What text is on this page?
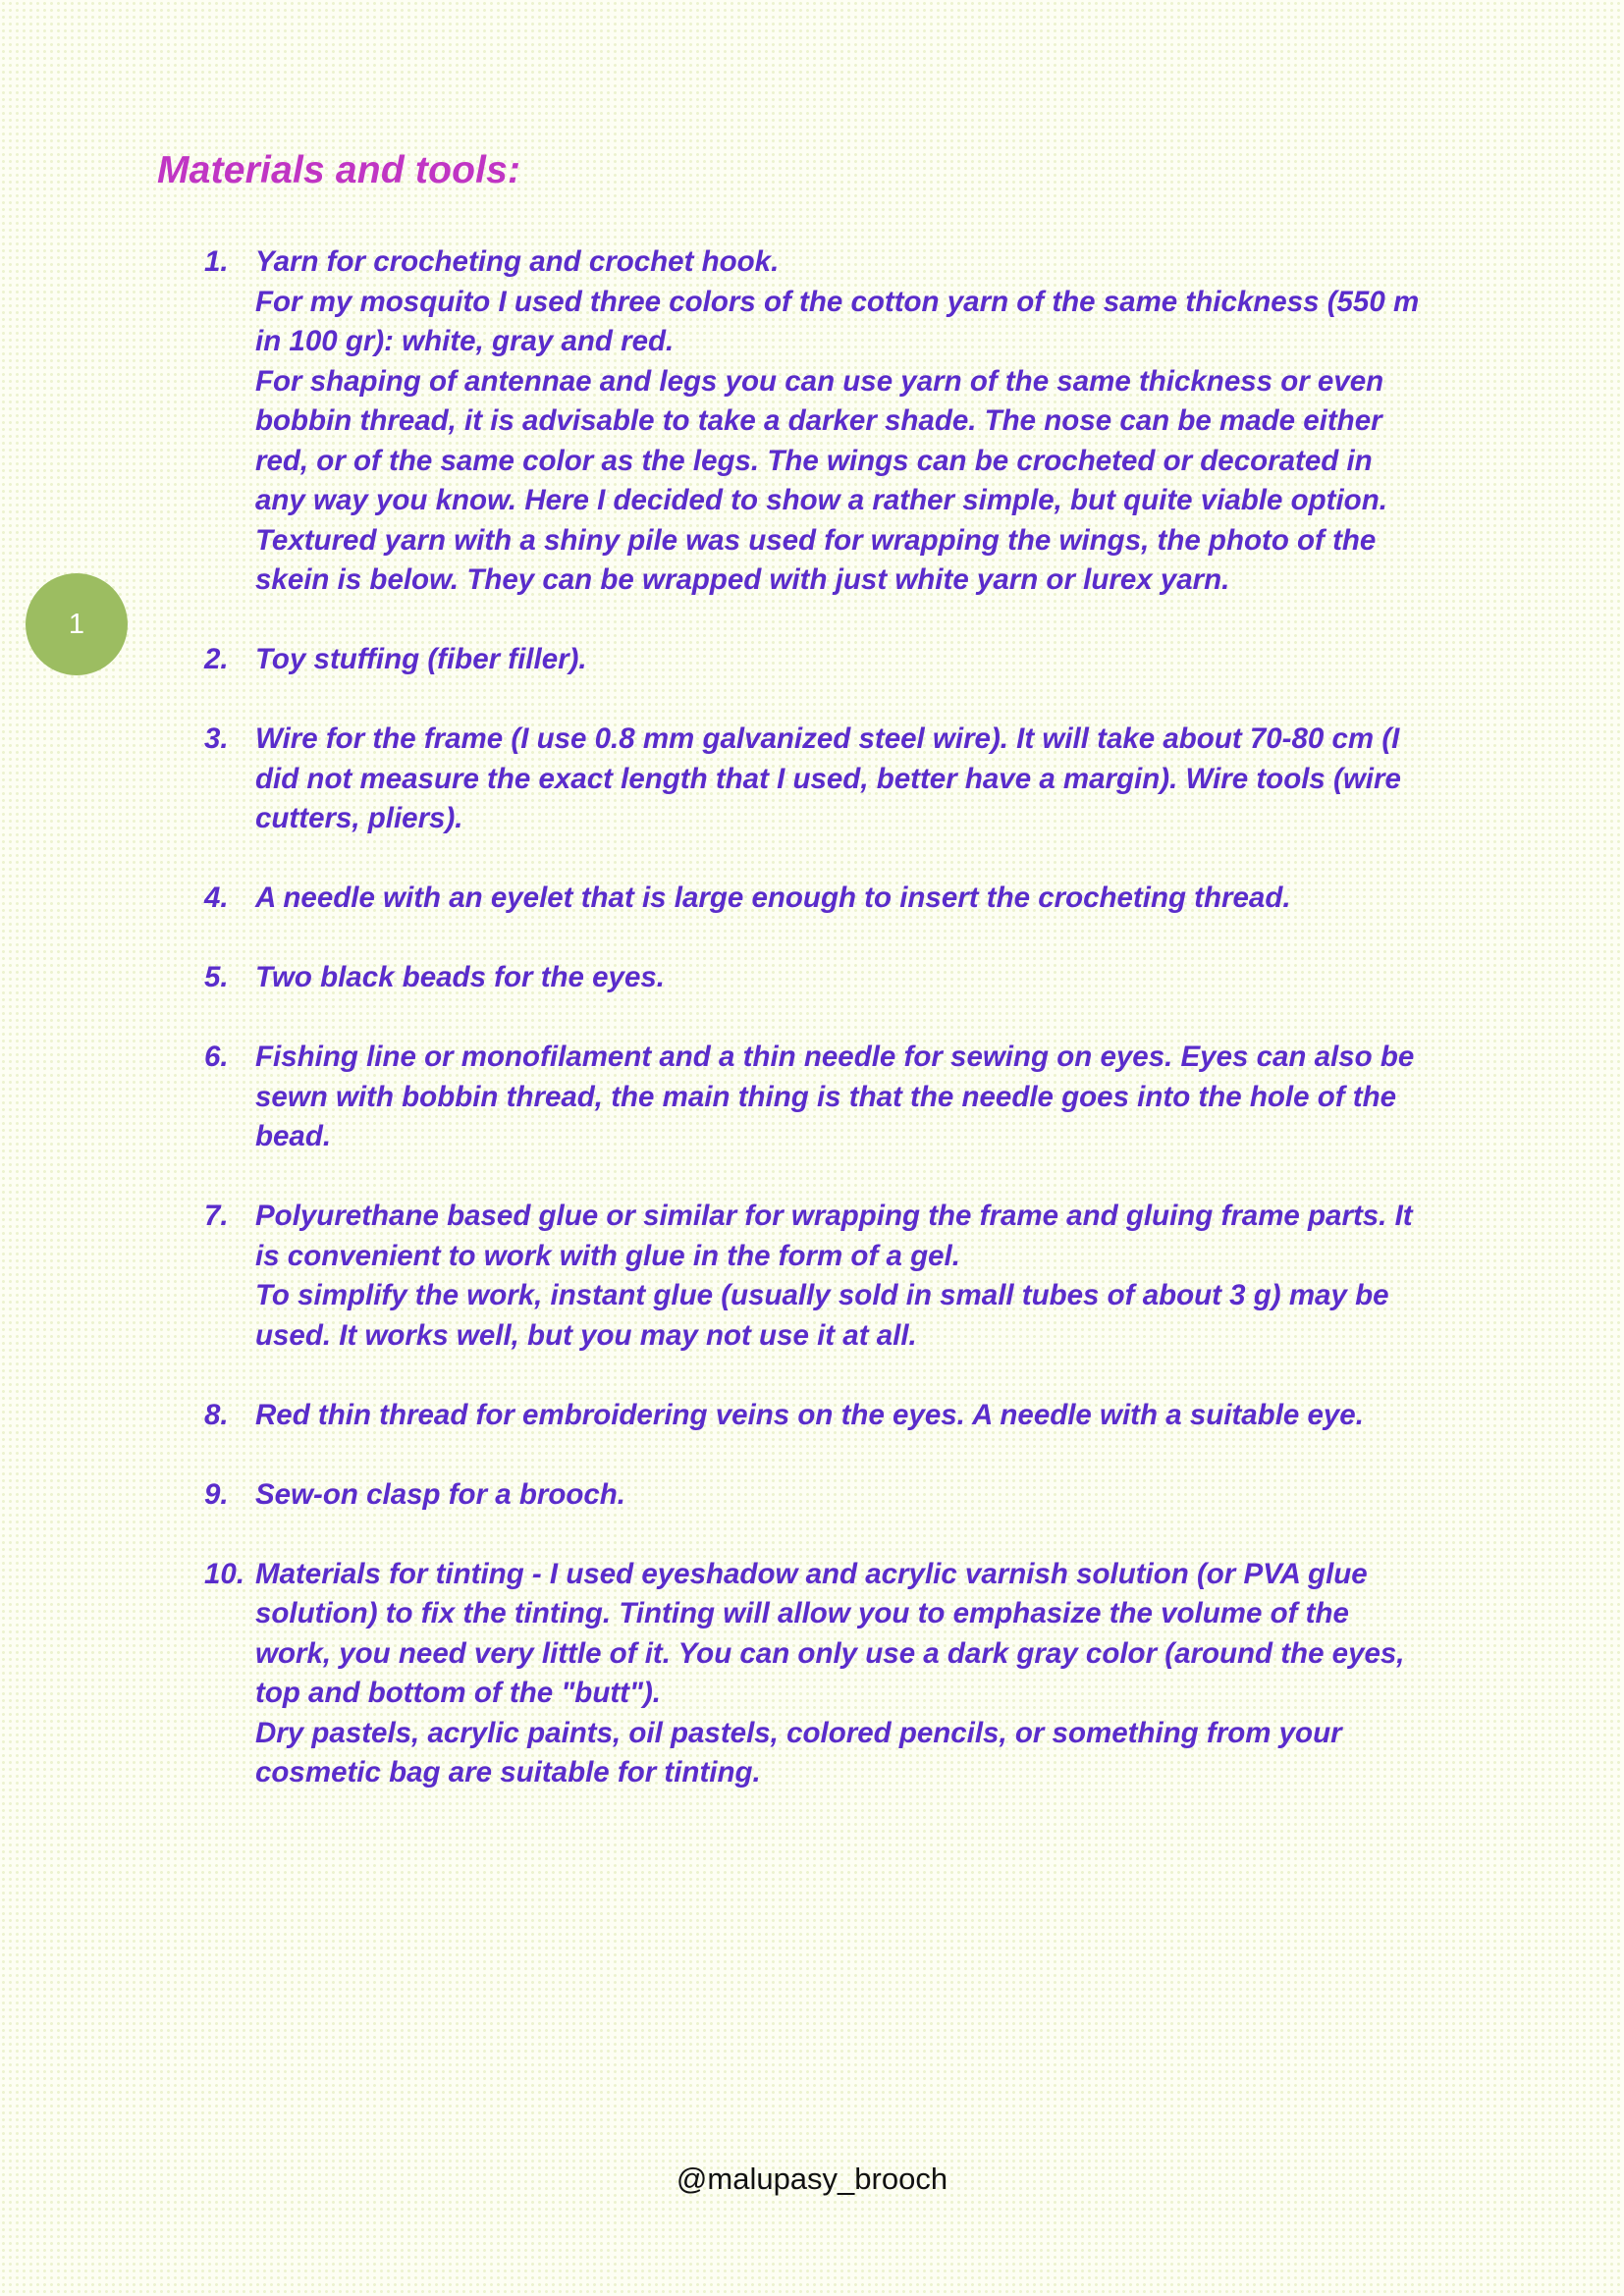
Materials and tools:
1
1. Yarn for crocheting and crochet hook.
For my mosquito I used three colors of the cotton yarn of the same thickness (550 m
in 100 gr): white, gray and red.
For shaping of antennae and legs you can use yarn of the same thickness or even
bobbin thread, it is advisable to take a darker shade. The nose can be made either
red, or of the same color as the legs. The wings can be crocheted or decorated in
any way you know. Here I decided to show a rather simple, but quite viable option.
Textured yarn with a shiny pile was used for wrapping the wings, the photo of the
skein is below. They can be wrapped with just white yarn or lurex yarn.
2. Toy stuffing (fiber filler).
3. Wire for the frame (I use 0.8 mm galvanized steel wire). It will take about 70-80 cm (I
did not measure the exact length that I used, better have a margin). Wire tools (wire
cutters, pliers).
4. A needle with an eyelet that is large enough to insert the crocheting thread.
5. Two black beads for the eyes.
6. Fishing line or monofilament and a thin needle for sewing on eyes. Eyes can also be
sewn with bobbin thread, the main thing is that the needle goes into the hole of the
bead.
7. Polyurethane based glue or similar for wrapping the frame and gluing frame parts. It
is convenient to work with glue in the form of a gel.
To simplify the work, instant glue (usually sold in small tubes of about 3 g) may be
used. It works well, but you may not use it at all.
8. Red thin thread for embroidering veins on the eyes. A needle with a suitable eye.
9. Sew-on clasp for a brooch.
10. Materials for tinting - I used eyeshadow and acrylic varnish solution (or PVA glue
solution) to fix the tinting. Tinting will allow you to emphasize the volume of the
work, you need very little of it. You can only use a dark gray color (around the eyes,
top and bottom of the "butt").
Dry pastels, acrylic paints, oil pastels, colored pencils, or something from your
cosmetic bag are suitable for tinting.
@malupasy_brooch
